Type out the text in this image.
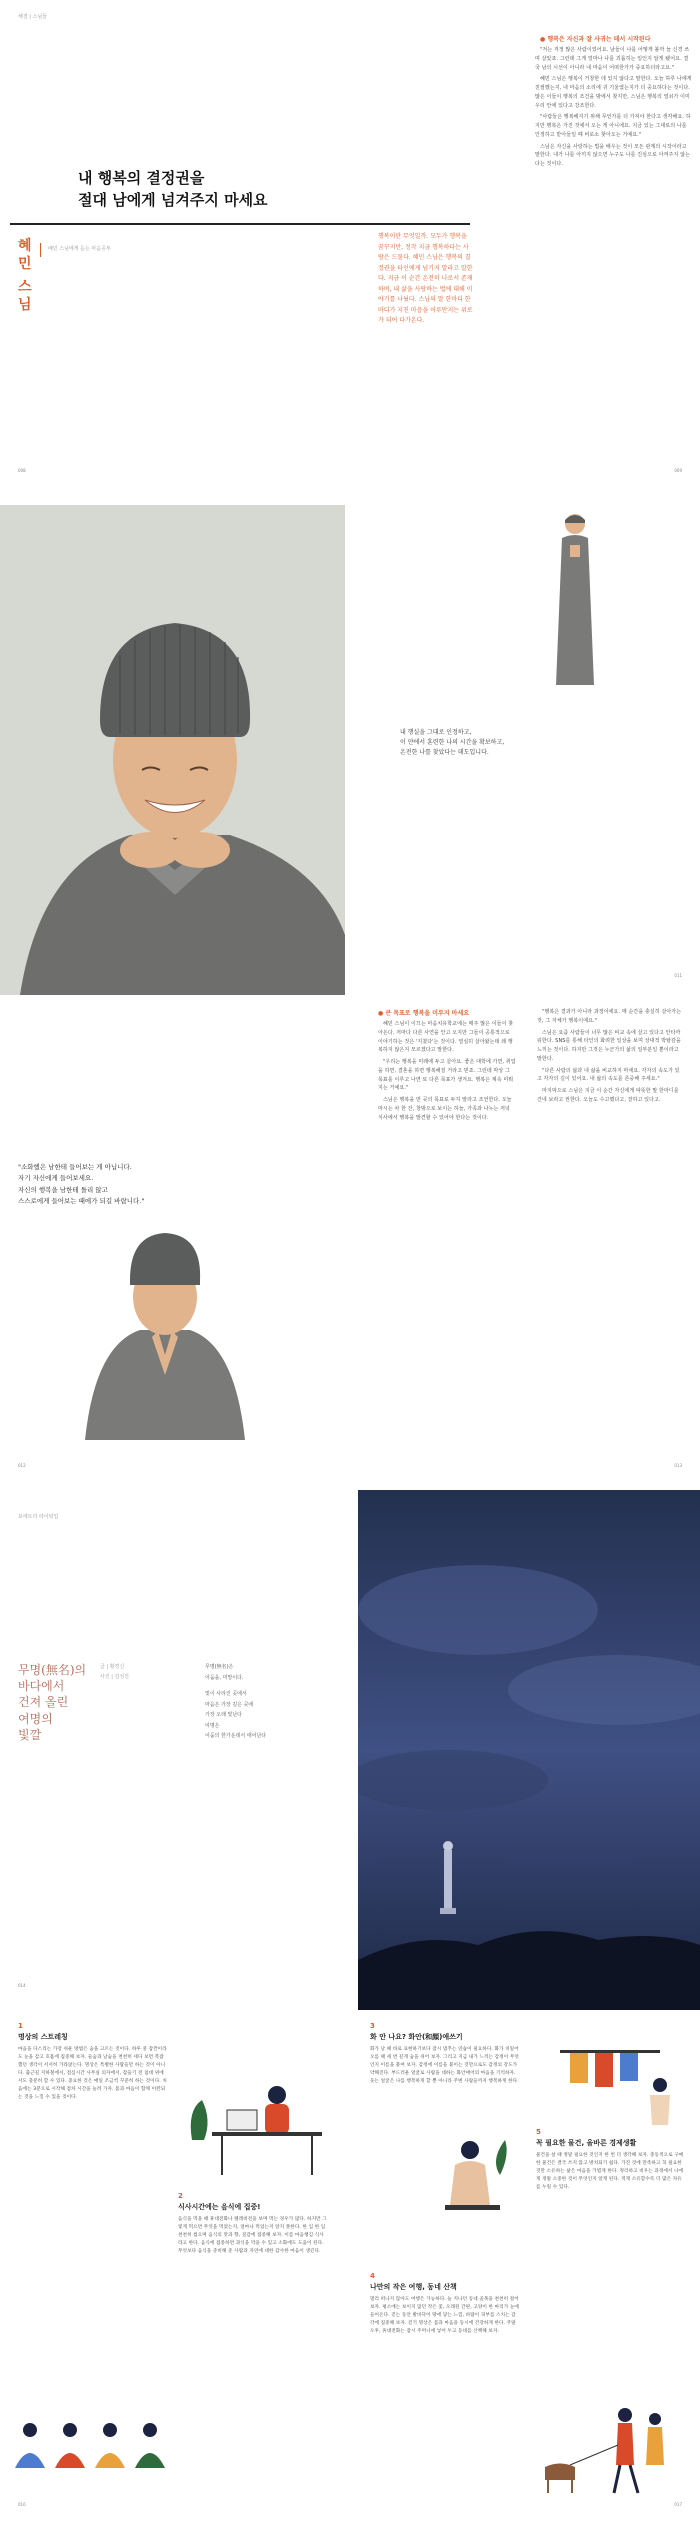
해결 | 스님들
내 행복의 결정권을
절대 남에게 넘겨주지 마세요
혜
민
스
님
배민 스님에게 듣는 마음공부
008
행복이란 무엇일까. 모두가 행복을 꿈꾸지만, 정작 지금 행복하다는 사람은 드물다. 혜민 스님은 행복의 결정권을 타인에게 넘기지 말라고 말한다. 지금 이 순간 온전히 나로서 존재하며, 내 삶을 사랑하는 법에 대해 이야기를 나눴다. 스님의 말 한마디 한마디가 지친 마음을 어루만지는 위로가 되어 다가온다.
● 행복은 자신과 잘 사귀는 데서 시작된다

"저는 걱정 많은 사람이었어요. 남들이 나를 어떻게 볼까 늘 신경 쓰며 살았죠. 그런데 그게 얼마나 나를 괴롭히는 일인지 알게 됐어요. 결국 남의 시선이 아니라 내 마음이 어떠한가가 중요하더라고요."

혜민 스님은 행복이 거창한 데 있지 않다고 말한다. 오늘 하루 나에게 친절했는지, 내 마음의 소리에 귀 기울였는지가 더 중요하다는 것이다. 많은 이들이 행복의 조건을 밖에서 찾지만, 스님은 행복의 열쇠가 이미 우리 안에 있다고 강조한다.

"사람들은 행복해지기 위해 무언가를 더 가져야 한다고 생각해요. 하지만 행복은 가진 것에서 오는 게 아니에요. 지금 있는 그대로의 나를 인정하고 받아들일 때 비로소 찾아오는 거예요."

스님은 자신을 사랑하는 법을 배우는 것이 모든 관계의 시작이라고 말한다. 내가 나를 아끼지 않으면 누구도 나를 진심으로 아껴주지 않는다는 것이다.

009
내 행실을 그대로 인정하고,
이 얀에서 훈련한 나의 시간을 확보하고,
온전한 나를 찾았다는 데도입니다.
011
"소화했은 남한테 들어보는 게 아닙니다.
자기 자신에게 들어보세요.
자신의 행복을 남한테 돌리 않고
스스로에게 들어보는 때에가 되길 바랍니다."
012
● 큰 목표로 행복을 미루지 마세요

혜민 스님이 이끄는 마음치유학교에는 매주 많은 이들이 찾아온다. 저마다 다른 사연을 안고 오지만 그들이 공통적으로 이야기하는 것은 '지쳤다'는 것이다. 열심히 살아왔는데 왜 행복하지 않은지 모르겠다고 말한다.

"우리는 행복을 미래에 두고 살아요. 좋은 대학에 가면, 취업을 하면, 결혼을 하면 행복해질 거라고 믿죠. 그런데 막상 그 목표를 이루고 나면 또 다른 목표가 생겨요. 행복은 계속 미뤄지는 거예요."

스님은 행복을 먼 곳의 목표로 두지 말라고 조언한다. 오늘 마시는 차 한 잔, 창밖으로 보이는 하늘, 가족과 나누는 저녁 식사에서 행복을 발견할 수 있어야 한다는 것이다.

"행복은 결과가 아니라 과정이에요. 매 순간을 충실히 살아가는 것, 그 자체가 행복이에요."

스님은 요즘 사람들이 너무 많은 비교 속에 살고 있다고 안타까워한다. SNS를 통해 타인의 화려한 일상을 보며 상대적 박탈감을 느끼는 것이다. 하지만 그것은 누군가의 삶의 일부분일 뿐이라고 말한다.

"다른 사람의 삶과 내 삶을 비교하지 마세요. 각자의 속도가 있고 각자의 길이 있어요. 내 삶의 속도를 존중해 주세요."

마지막으로 스님은 지금 이 순간 자신에게 따뜻한 말 한마디를 건네 보라고 권한다. 오늘도 수고했다고, 잘하고 있다고.

013
포에트리 라이팅업
무명(無名)의
바다에서
건져 올린
여명의
빛깔
글 | 황경신
사진 | 김성진
무명(無名)은
어둠을, 미망이다.
빛이 사라진 곳에서
마음은 가장 깊은 곳에
가장 오래 빛난다
여명은
어둠의 한가운데서 태어난다
014
1
명상의 스트레칭
마음을 다스리는 가장 쉬운 방법은 숨을 고르는 것이다. 하루 중 잠깐이라도 눈을 감고 호흡에 집중해 보자. 들숨과 날숨을 천천히 세다 보면 복잡했던 생각이 서서히 가라앉는다. 명상은 특별한 사람들만 하는 것이 아니다. 출근길 지하철에서, 점심시간 사무실 의자에서, 잠들기 전 침대 위에서도 충분히 할 수 있다. 중요한 것은 매일 조금씩 꾸준히 하는 것이다. 처음에는 3분으로 시작해 점차 시간을 늘려 가자. 몸과 마음이 함께 이완되는 것을 느낄 수 있을 것이다.
2
식사시간에는 음식에 집중!
음식을 먹을 때 휴대전화나 텔레비전을 보며 먹는 경우가 많다. 하지만 그렇게 먹으면 무엇을 먹었는지, 얼마나 먹었는지 알지 못한다. 한 입 한 입 천천히 씹으며 음식의 맛과 향, 질감에 집중해 보자. 이를 마음챙김 식사라고 한다. 음식에 집중하면 과식을 막을 수 있고 소화에도 도움이 된다. 무엇보다 음식을 준비해 준 사람과 자연에 대한 감사한 마음이 생긴다.
016
3
화 안 나요? 화안(和顔)애쓰기
화가 날 때 바로 표현하기보다 잠시 멈추는 연습이 필요하다. 화가 치밀어 오를 때 세 번 깊게 숨을 쉬어 보자. 그리고 지금 내가 느끼는 감정이 무엇인지 이름을 붙여 보자. 감정에 이름을 붙이는 것만으로도 감정의 강도가 약해진다. 부드러운 얼굴로 사람을 대하는 화안애어의 마음을 기억하자. 웃는 얼굴은 나를 행복하게 할 뿐 아니라 주변 사람들까지 행복하게 한다.
4
나만의 작은 여행, 동네 산책
멀리 떠나지 않아도 여행은 가능하다. 늘 지나던 동네 골목을 천천히 걸어 보자. 평소에는 보이지 않던 작은 꽃, 오래된 간판, 고양이 한 마리가 눈에 들어온다. 걷는 동안 발바닥이 땅에 닿는 느낌, 바람이 피부를 스치는 감각에 집중해 보자. 걷기 명상은 몸과 마음을 동시에 건강하게 한다. 주말 오후, 휴대전화는 잠시 주머니에 넣어 두고 동네를 산책해 보자.
5
꼭 필요한 물건, 올바른 경제생활
물건을 살 때 정말 필요한 것인지 한 번 더 생각해 보자. 충동적으로 구매한 물건은 결국 쓰지 않고 방치되기 쉽다. 가진 것에 만족하고 꼭 필요한 것만 소유하는 삶은 마음을 가볍게 한다. 정리하고 비우는 과정에서 나에게 정말 소중한 것이 무엇인지 알게 된다. 적게 소유할수록 더 많은 자유를 누릴 수 있다.
017
